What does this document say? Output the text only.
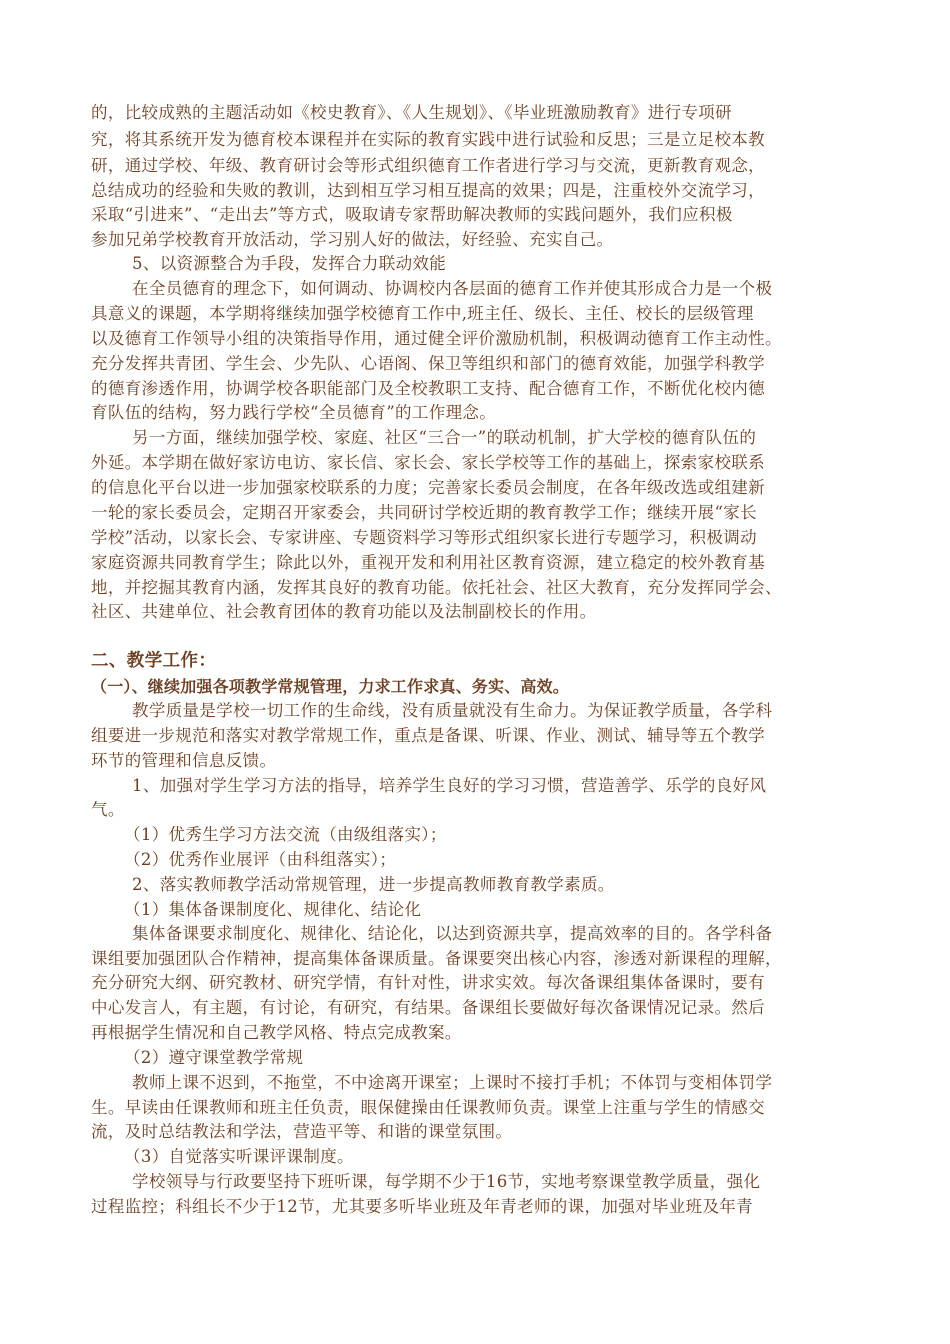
的，比较成熟的主题活动如《校史教育》、《人生规划》、《毕业班激励教育》进行专项研
究，将其系统开发为德育校本课程并在实际的教育实践中进行试验和反思；三是立足校本教
研，通过学校、年级、教育研讨会等形式组织德育工作者进行学习与交流，更新教育观念，
总结成功的经验和失败的教训，达到相互学习相互提高的效果；四是，注重校外交流学习，
采取“引进来”、“走出去”等方式，吸取请专家帮助解决教师的实践问题外，我们应积极
参加兄弟学校教育开放活动，学习别人好的做法，好经验、充实自己。
5、以资源整合为手段，发挥合力联动效能
在全员德育的理念下，如何调动、协调校内各层面的德育工作并使其形成合力是一个极
具意义的课题，本学期将继续加强学校德育工作中,班主任、级长、主任、校长的层级管理
以及德育工作领导小组的决策指导作用，通过健全评价激励机制，积极调动德育工作主动性。
充分发挥共青团、学生会、少先队、心语阁、保卫等组织和部门的德育效能，加强学科教学
的德育渗透作用，协调学校各职能部门及全校教职工支持、配合德育工作，不断优化校内德
育队伍的结构，努力践行学校“全员德育”的工作理念。
另一方面，继续加强学校、家庭、社区“三合一”的联动机制，扩大学校的德育队伍的
外延。本学期在做好家访电访、家长信、家长会、家长学校等工作的基础上，探索家校联系
的信息化平台以进一步加强家校联系的力度；完善家长委员会制度，在各年级改选或组建新
一轮的家长委员会，定期召开家委会，共同研讨学校近期的教育教学工作；继续开展“家长
学校”活动，以家长会、专家讲座、专题资料学习等形式组织家长进行专题学习，积极调动
家庭资源共同教育学生；除此以外，重视开发和利用社区教育资源，建立稳定的校外教育基
地，并挖掘其教育内涵，发挥其良好的教育功能。依托社会、社区大教育，充分发挥同学会、
社区、共建单位、社会教育团体的教育功能以及法制副校长的作用。
二、教学工作：
（一）、继续加强各项教学常规管理，力求工作求真、务实、高效。
教学质量是学校一切工作的生命线，没有质量就没有生命力。为保证教学质量，各学科
组要进一步规范和落实对教学常规工作，重点是备课、听课、作业、测试、辅导等五个教学
环节的管理和信息反馈。
1、加强对学生学习方法的指导，培养学生良好的学习习惯，营造善学、乐学的良好风
气。
（1）优秀生学习方法交流（由级组落实）；
（2）优秀作业展评（由科组落实）；
2、落实教师教学活动常规管理，进一步提高教师教育教学素质。
（1）集体备课制度化、规律化、结论化
集体备课要求制度化、规律化、结论化，以达到资源共享，提高效率的目的。各学科备
课组要加强团队合作精神，提高集体备课质量。备课要突出核心内容，渗透对新课程的理解，
充分研究大纲、研究教材、研究学情，有针对性，讲求实效。每次备课组集体备课时，要有
中心发言人，有主题，有讨论，有研究，有结果。备课组长要做好每次备课情况记录。然后
再根据学生情况和自己教学风格、特点完成教案。
（2）遵守课堂教学常规
教师上课不迟到，不拖堂，不中途离开课室；上课时不接打手机；不体罚与变相体罚学
生。早读由任课教师和班主任负责，眼保健操由任课教师负责。课堂上注重与学生的情感交
流，及时总结教法和学法，营造平等、和谐的课堂氛围。
（3）自觉落实听课评课制度。
学校领导与行政要坚持下班听课，每学期不少于16节，实地考察课堂教学质量，强化
过程监控；科组长不少于12节，尤其要多听毕业班及年青老师的课，加强对毕业班及年青
